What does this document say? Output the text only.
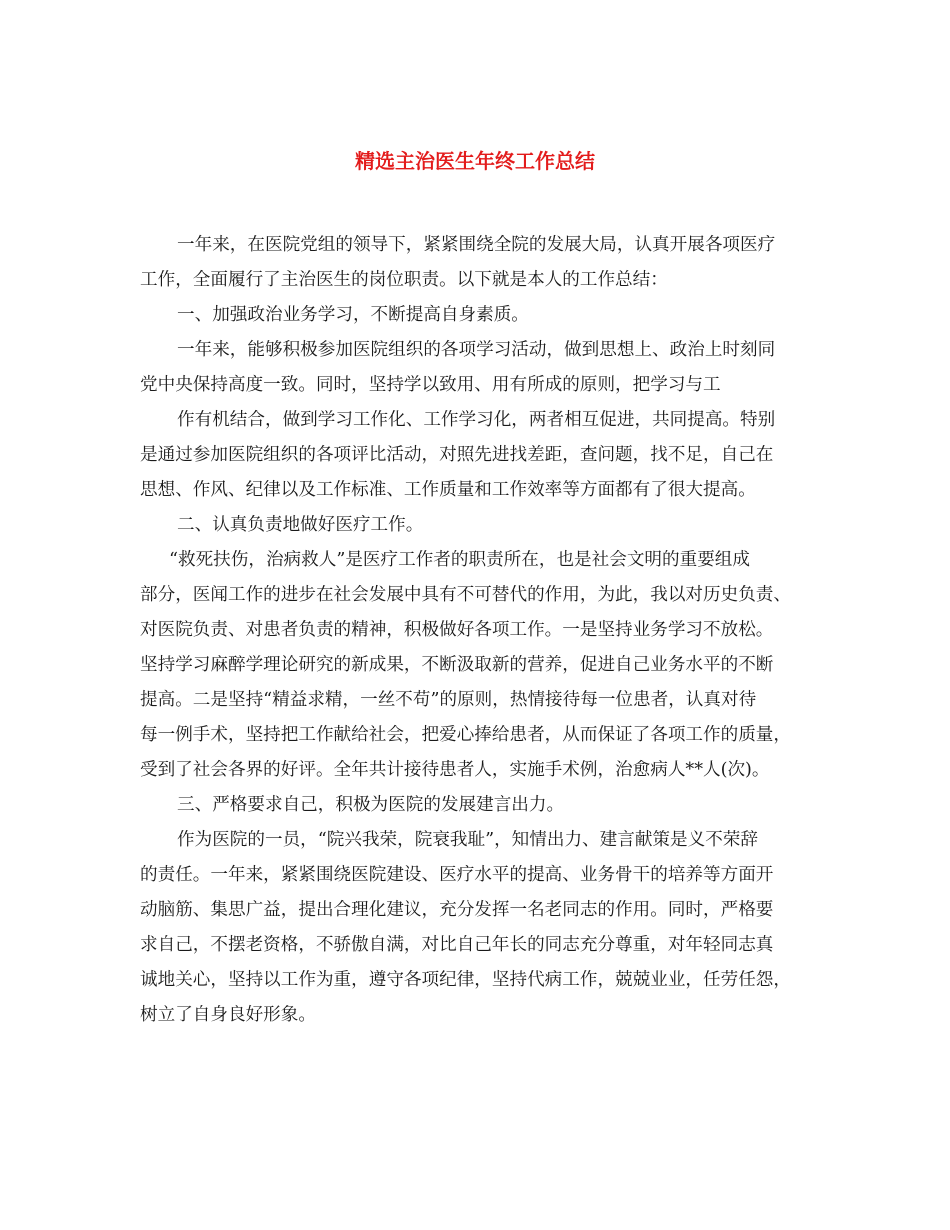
精选主治医生年终工作总结
一年来，在医院党组的领导下，紧紧围绕全院的发展大局，认真开展各项医疗
工作，全面履行了主治医生的岗位职责。以下就是本人的工作总结：
一、加强政治业务学习，不断提高自身素质。
一年来，能够积极参加医院组织的各项学习活动，做到思想上、政治上时刻同
党中央保持高度一致。同时，坚持学以致用、用有所成的原则，把学习与工
作有机结合，做到学习工作化、工作学习化，两者相互促进，共同提高。特别
是通过参加医院组织的各项评比活动，对照先进找差距，查问题，找不足，自己在
思想、作风、纪律以及工作标准、工作质量和工作效率等方面都有了很大提高。
二、认真负责地做好医疗工作。
“救死扶伤，治病救人”是医疗工作者的职责所在，也是社会文明的重要组成
部分，医闻工作的进步在社会发展中具有不可替代的作用，为此，我以对历史负责、
对医院负责、对患者负责的精神，积极做好各项工作。一是坚持业务学习不放松。
坚持学习麻醉学理论研究的新成果，不断汲取新的营养，促进自己业务水平的不断
提高。二是坚持“精益求精，一丝不苟”的原则，热情接待每一位患者，认真对待
每一例手术，坚持把工作献给社会，把爱心捧给患者，从而保证了各项工作的质量，
受到了社会各界的好评。全年共计接待患者人，实施手术例，治愈病人**人(次)。
三、严格要求自己，积极为医院的发展建言出力。
作为医院的一员，“院兴我荣，院衰我耻”，知情出力、建言献策是义不荣辞
的责任。一年来，紧紧围绕医院建设、医疗水平的提高、业务骨干的培养等方面开
动脑筋、集思广益，提出合理化建议，充分发挥一名老同志的作用。同时，严格要
求自己，不摆老资格，不骄傲自满，对比自己年长的同志充分尊重，对年轻同志真
诚地关心，坚持以工作为重，遵守各项纪律，坚持代病工作，兢兢业业，任劳任怨，
树立了自身良好形象。
